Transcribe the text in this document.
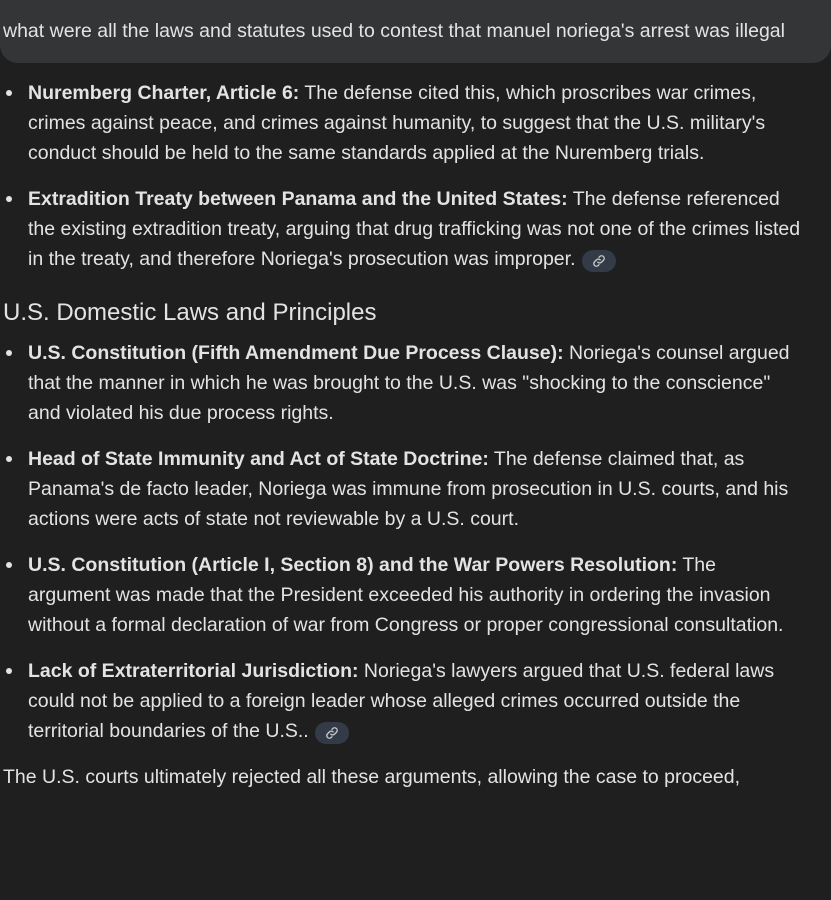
what were all the laws and statutes used to contest that manuel noriega's arrest was illegal
Nuremberg Charter, Article 6: The defense cited this, which proscribes war crimes, crimes against peace, and crimes against humanity, to suggest that the U.S. military's conduct should be held to the same standards applied at the Nuremberg trials.
Extradition Treaty between Panama and the United States: The defense referenced the existing extradition treaty, arguing that drug trafficking was not one of the crimes listed in the treaty, and therefore Noriega's prosecution was improper.
U.S. Domestic Laws and Principles
U.S. Constitution (Fifth Amendment Due Process Clause): Noriega's counsel argued that the manner in which he was brought to the U.S. was "shocking to the conscience" and violated his due process rights.
Head of State Immunity and Act of State Doctrine: The defense claimed that, as Panama's de facto leader, Noriega was immune from prosecution in U.S. courts, and his actions were acts of state not reviewable by a U.S. court.
U.S. Constitution (Article I, Section 8) and the War Powers Resolution: The argument was made that the President exceeded his authority in ordering the invasion without a formal declaration of war from Congress or proper congressional consultation.
Lack of Extraterritorial Jurisdiction: Noriega's lawyers argued that U.S. federal laws could not be applied to a foreign leader whose alleged crimes occurred outside the territorial boundaries of the U.S..

The U.S. courts ultimately rejected all these arguments, allowing the case to proceed,
